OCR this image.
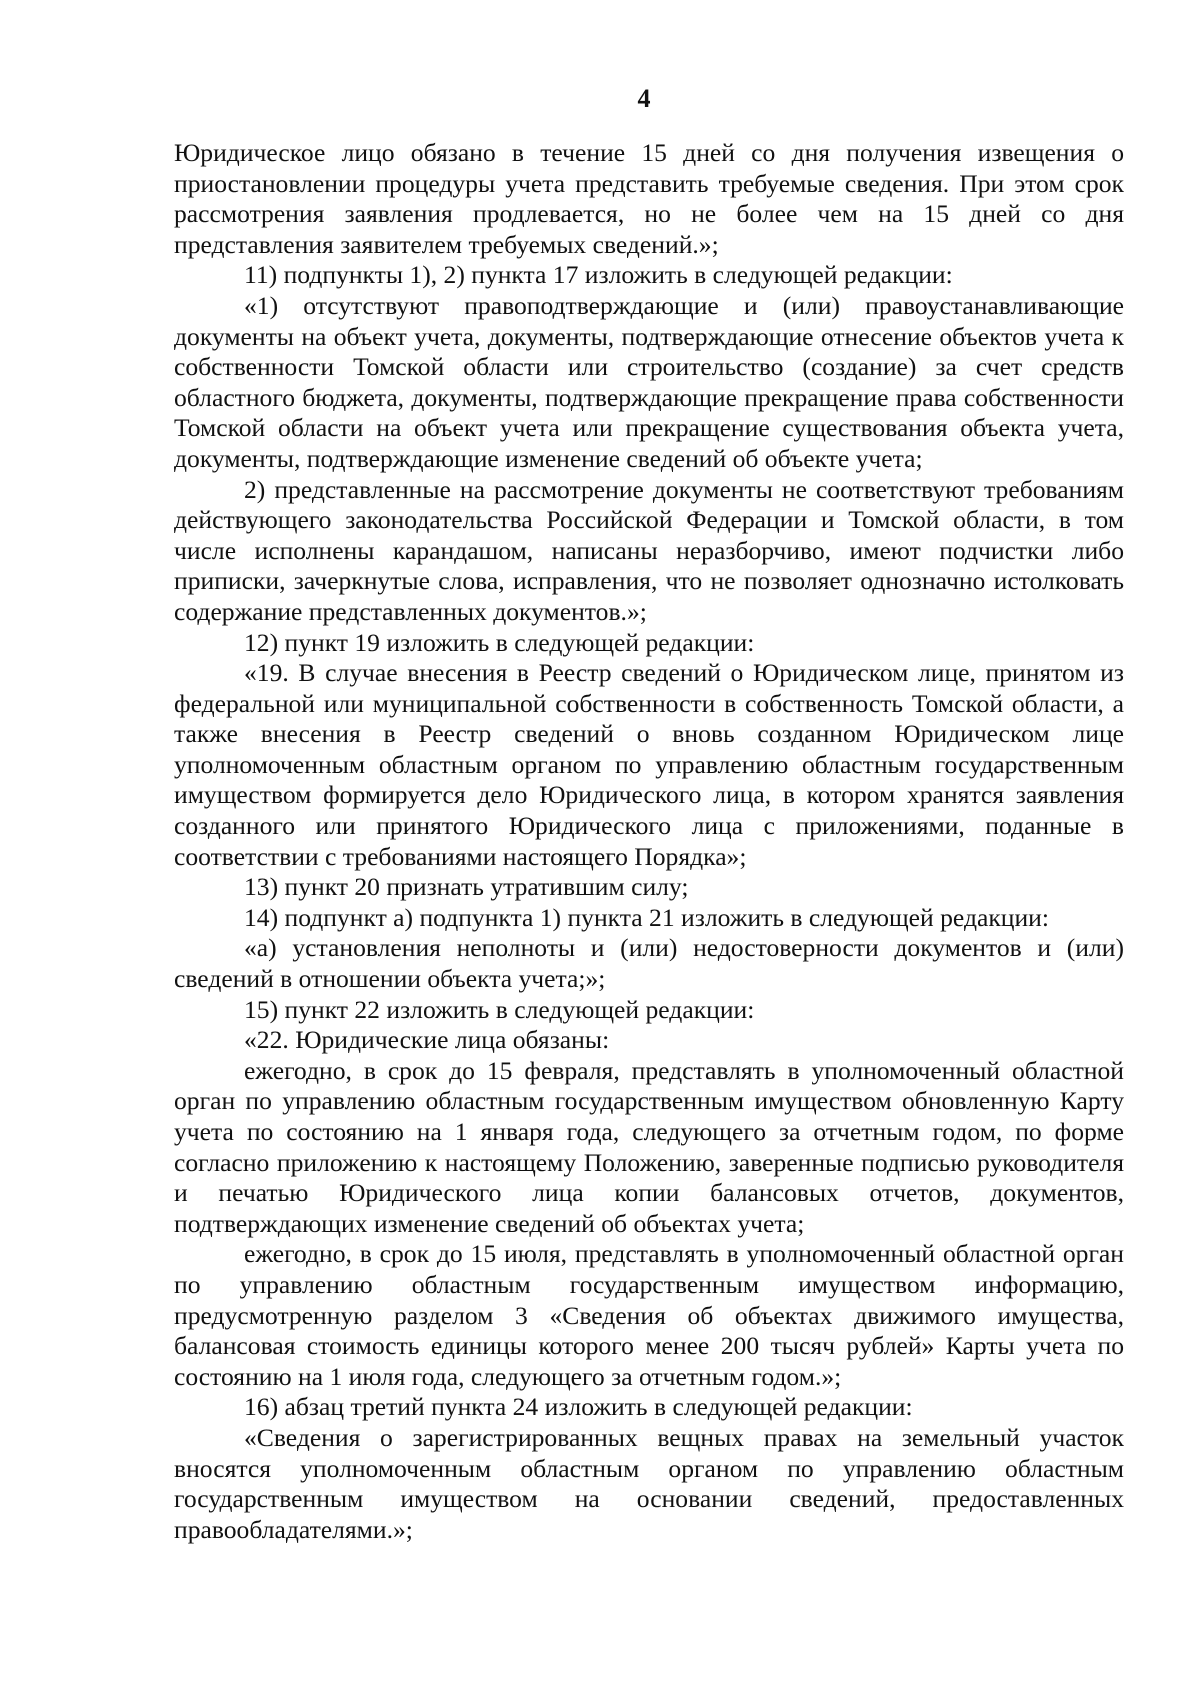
4

Юридическое лицо обязано в течение 15 дней со дня получения извещения о приостановлении процедуры учета представить требуемые сведения. При этом срок рассмотрения заявления продлевается, но не более чем на 15 дней со дня представления заявителем требуемых сведений.»;

11) подпункты 1), 2) пункта 17 изложить в следующей редакции:

«1) отсутствуют правоподтверждающие и (или) правоустанавливающие документы на объект учета, документы, подтверждающие отнесение объектов учета к собственности Томской области или строительство (создание) за счет средств областного бюджета, документы, подтверждающие прекращение права собственности Томской области на объект учета или прекращение существования объекта учета, документы, подтверждающие изменение сведений об объекте учета;

2) представленные на рассмотрение документы не соответствуют требованиям действующего законодательства Российской Федерации и Томской области, в том числе исполнены карандашом, написаны неразборчиво, имеют подчистки либо приписки, зачеркнутые слова, исправления, что не позволяет однозначно истолковать содержание представленных документов.»;

12) пункт 19 изложить в следующей редакции:

«19. В случае внесения в Реестр сведений о Юридическом лице, принятом из федеральной или муниципальной собственности в собственность Томской области, а также внесения в Реестр сведений о вновь созданном Юридическом лице уполномоченным областным органом по управлению областным государственным имуществом формируется дело Юридического лица, в котором хранятся заявления созданного или принятого Юридического лица с приложениями, поданные в соответствии с требованиями настоящего Порядка»;

13) пункт 20 признать утратившим силу;

14) подпункт а) подпункта 1) пункта 21 изложить в следующей редакции:

«а) установления неполноты и (или) недостоверности документов и (или) сведений в отношении объекта учета;»;

15) пункт 22 изложить в следующей редакции:

«22. Юридические лица обязаны:

ежегодно, в срок до 15 февраля, представлять в уполномоченный областной орган по управлению областным государственным имуществом обновленную Карту учета по состоянию на 1 января года, следующего за отчетным годом, по форме согласно приложению к настоящему Положению, заверенные подписью руководителя и печатью Юридического лица копии балансовых отчетов, документов, подтверждающих изменение сведений об объектах учета;

ежегодно, в срок до 15 июля, представлять в уполномоченный областной орган по управлению областным государственным имуществом информацию, предусмотренную разделом 3 «Сведения об объектах движимого имущества, балансовая стоимость единицы которого менее 200 тысяч рублей» Карты учета по состоянию на 1 июля года, следующего за отчетным годом.»;

16) абзац третий пункта 24 изложить в следующей редакции:

«Сведения о зарегистрированных вещных правах на земельный участок вносятся уполномоченным областным органом по управлению областным государственным имуществом на основании сведений, предоставленных правообладателями.»;
